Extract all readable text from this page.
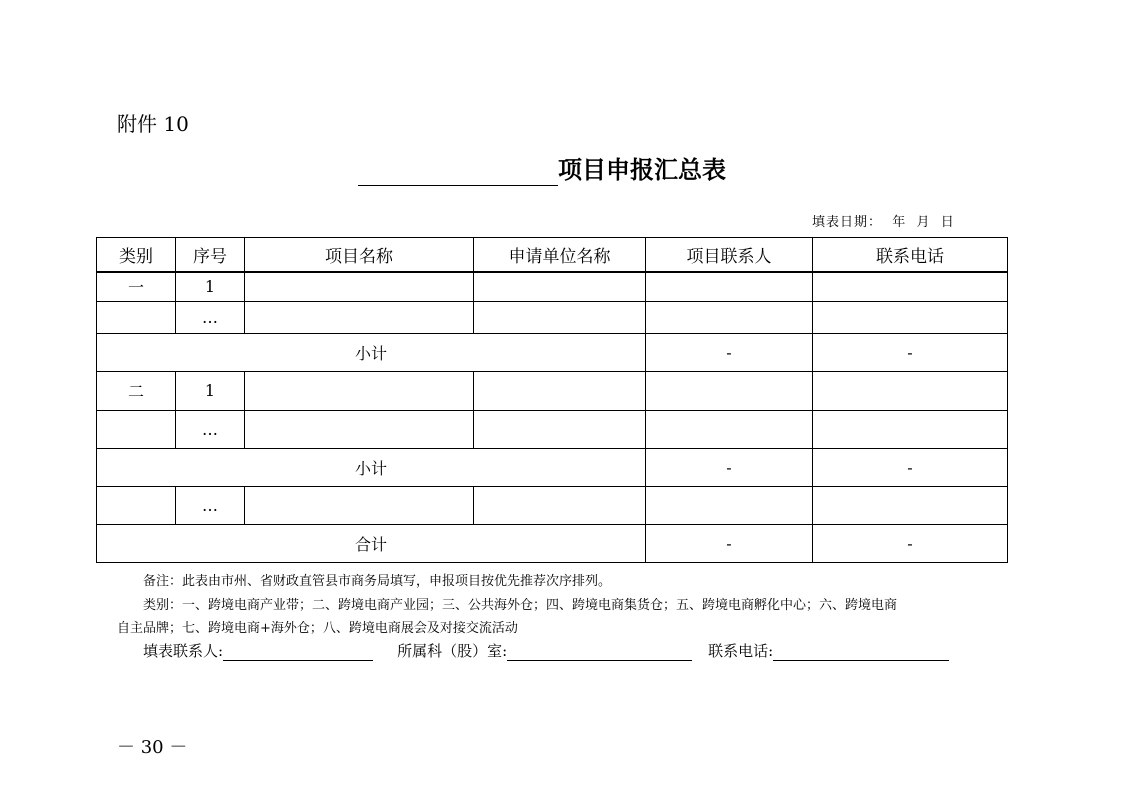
附件 10
项目申报汇总表
填表日期：  年  月  日
类别	序号	项目名称	申请单位名称	项目联系人	联系电话
一	1				
	…				
小计				-	-
二	1				
	…				
小计				-	-
	…				
合计				-	-
备注：此表由市州、省财政直管县市商务局填写，申报项目按优先推荐次序排列。
类别：一、跨境电商产业带；二、跨境电商产业园；三、公共海外仓；四、跨境电商集货仓；五、跨境电商孵化中心；六、跨境电商
自主品牌；七、跨境电商+海外仓；八、跨境电商展会及对接交流活动
填表联系人:	所属科（股）室:	联系电话:
－ 30 －
